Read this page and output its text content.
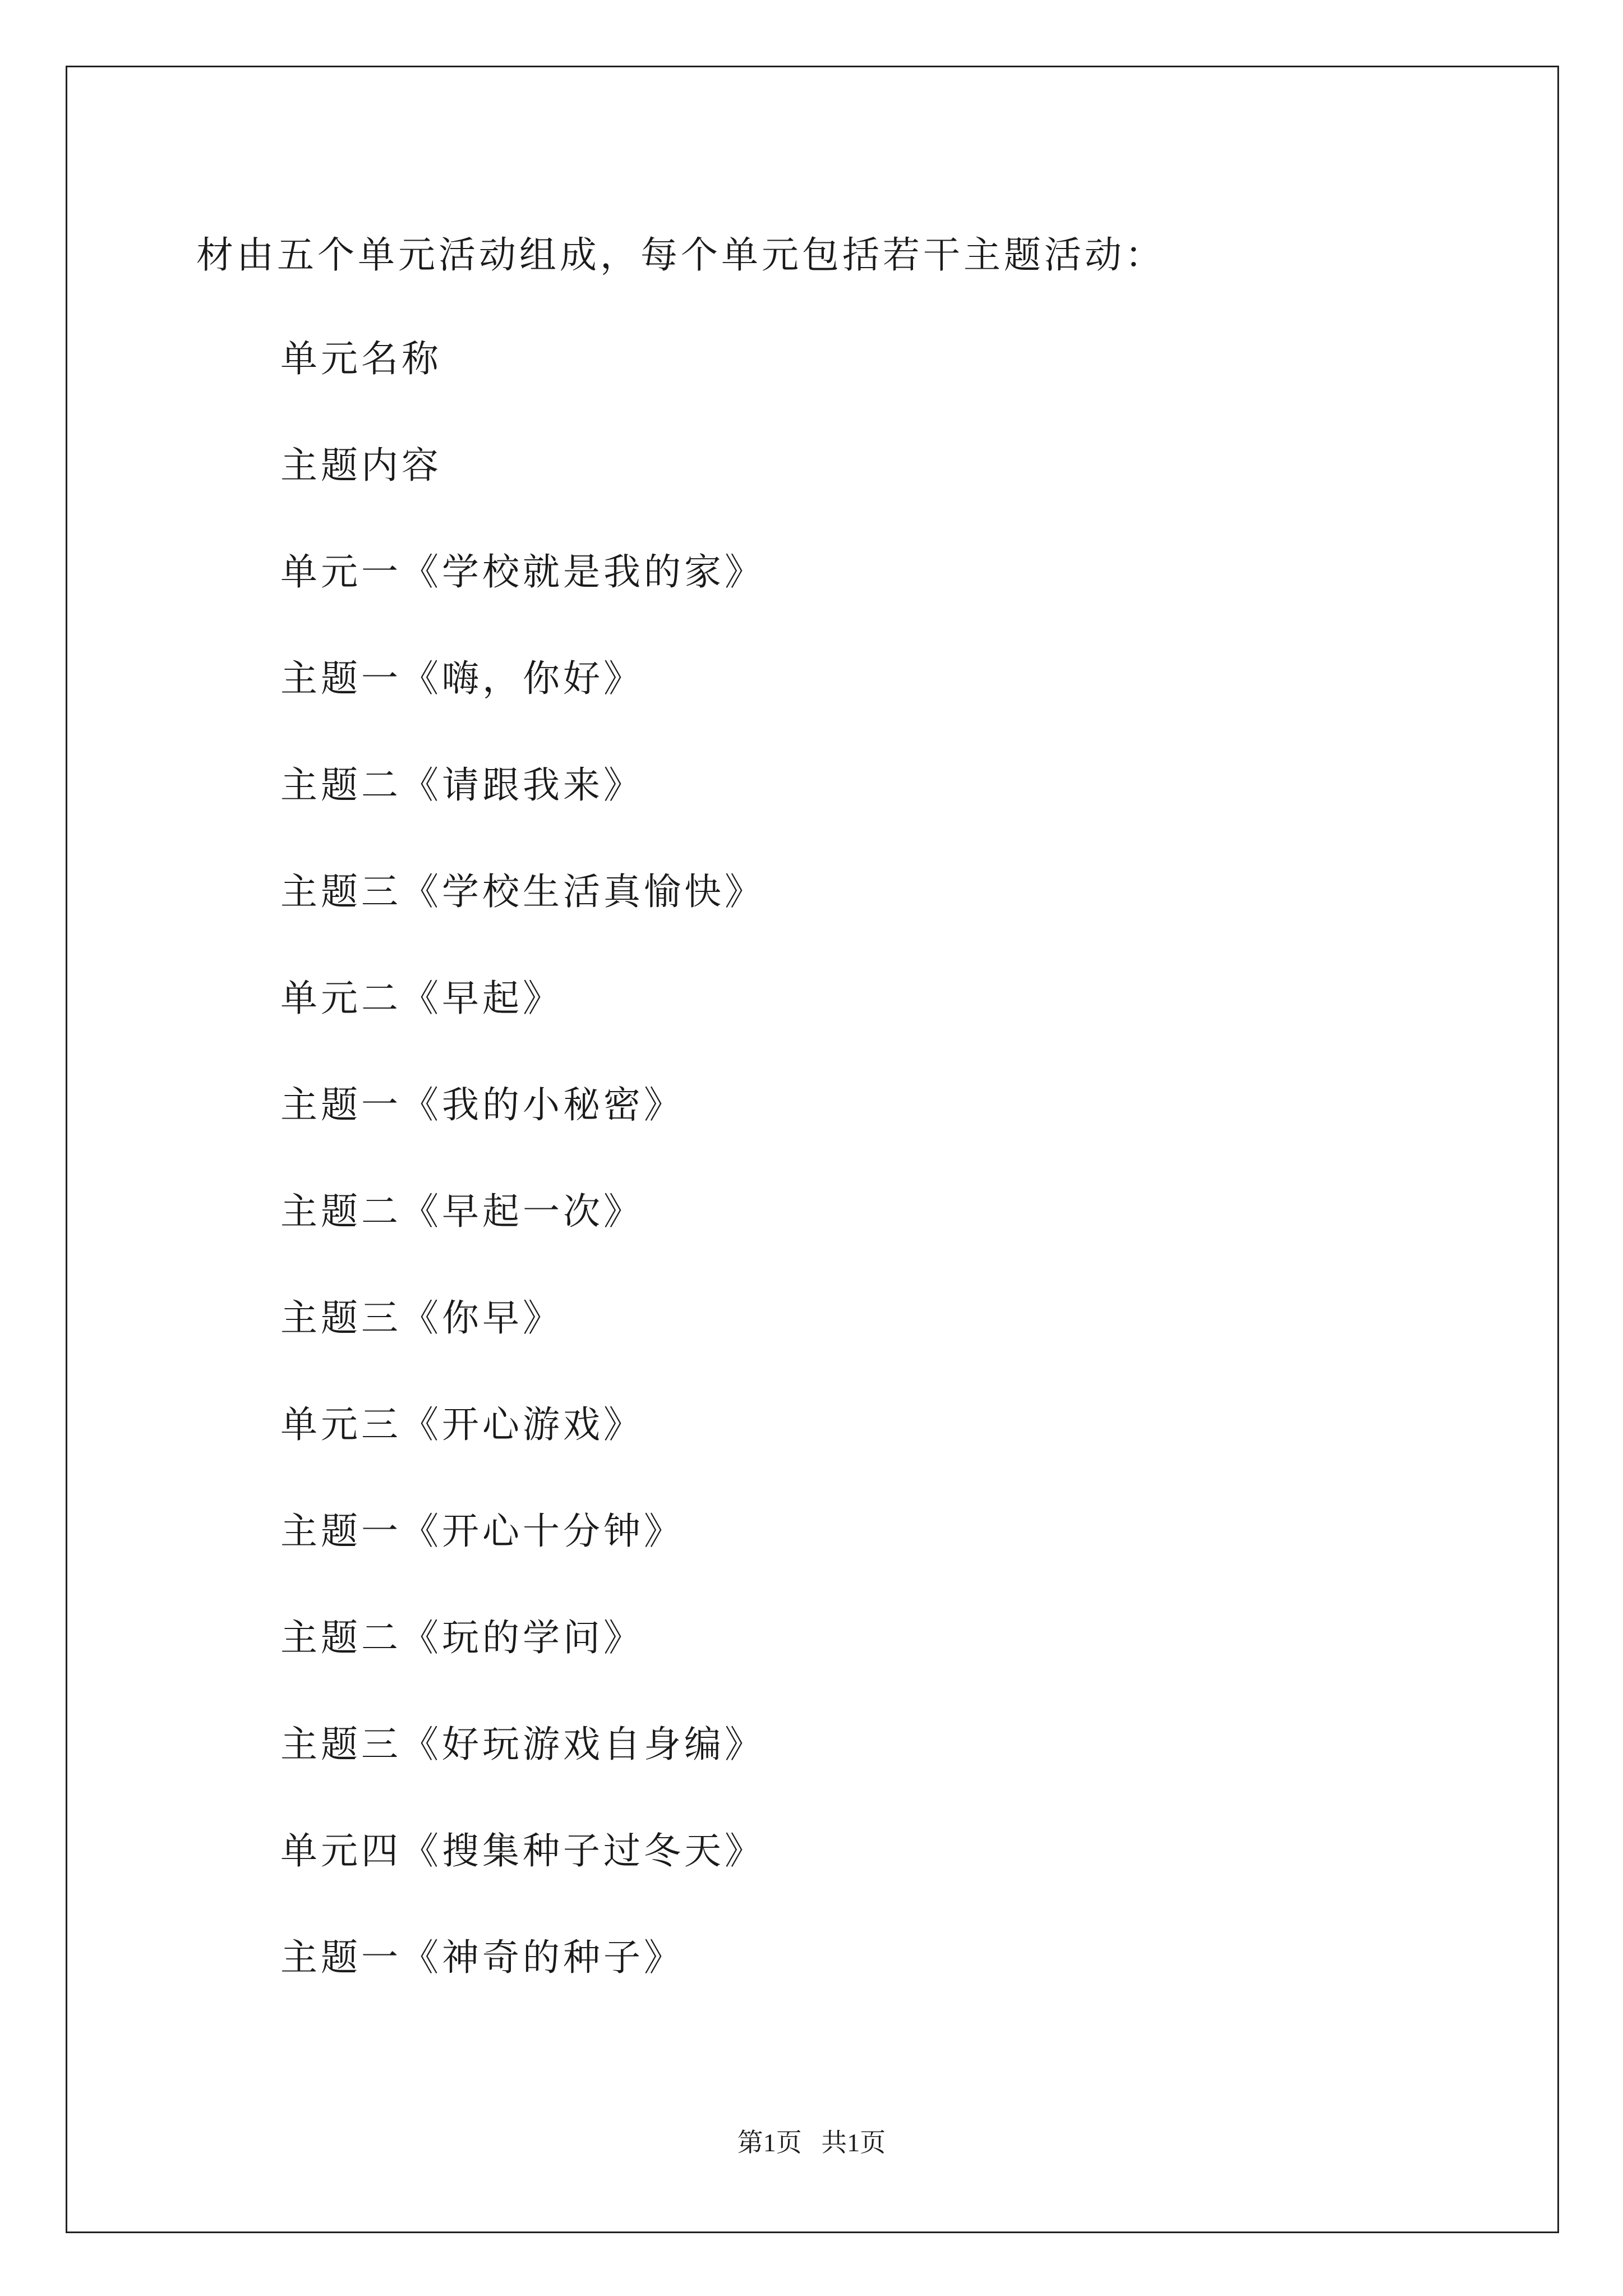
材由五个单元活动组成，每个单元包括若干主题活动：
单元名称
主题内容
单元一《学校就是我的家》
主题一《嗨，你好》
主题二《请跟我来》
主题三《学校生活真愉快》
单元二《早起》
主题一《我的小秘密》
主题二《早起一次》
主题三《你早》
单元三《开心游戏》
主题一《开心十分钟》
主题二《玩的学问》
主题三《好玩游戏自身编》
单元四《搜集种子过冬天》
主题一《神奇的种子》
第1页   共1页
